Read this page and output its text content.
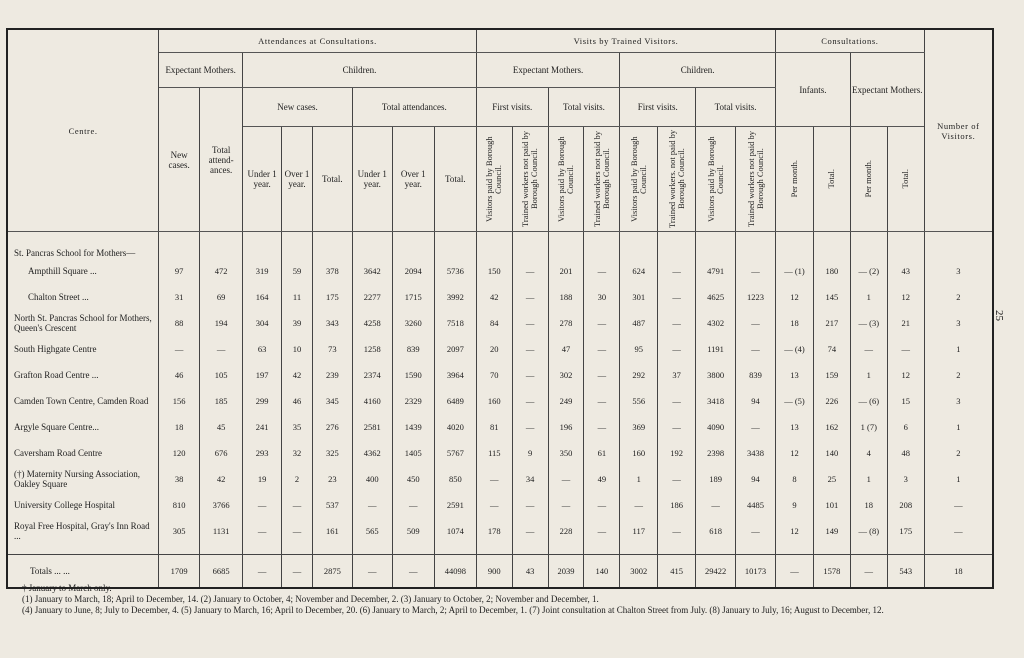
Centre.	Attendances at Consultations.								Visits by Trained Visitors.								Consultations.				Number of Visitors.
	Expectant Mothers.		Children.						Expectant Mothers.				Children.				Infants.		Expectant Mothers.		
	New cases.	Total attend-ances.	New cases.			Total attendances.			First visits.		Total visits.		First visits.		Total visits.						
			Under 1 year.	Over 1 year.	Total.	Under 1 year.	Over 1 year.	Total.	Visitors paid by Borough Council.	Trained workers not paid by Borough Council.	Visitors paid by Borough Council.	Trained workers not paid by Borough Council.	Visitors paid by Borough Council.	Trained workers. not paid by Borough Council.	Visitors paid by Borough Council.	Trained workers not paid by Borough Council.	Per month.	Total.	Per month.	Total.	

St. Pancras School for Mothers—																					
Ampthill Square ...	97	472	319	59	378	3642	2094	5736	150	—	201	—	624	—	4791	—	— (1)	180	— (2)	43	3
Chalton Street ...	31	69	164	11	175	2277	1715	3992	42	—	188	30	301	—	4625	1223	12	145	1	12	2
North St. Pancras School for Mothers, Queen's Crescent	88	194	304	39	343	4258	3260	7518	84	—	278	—	487	—	4302	—	18	217	— (3)	21	3
South Highgate Centre	—	—	63	10	73	1258	839	2097	20	—	47	—	95	—	1191	—	— (4)	74	—	—	1
Grafton Road Centre ...	46	105	197	42	239	2374	1590	3964	70	—	302	—	292	37	3800	839	13	159	1	12	2
Camden Town Centre, Camden Road	156	185	299	46	345	4160	2329	6489	160	—	249	—	556	—	3418	94	— (5)	226	— (6)	15	3
Argyle Square Centre...	18	45	241	35	276	2581	1439	4020	81	—	196	—	369	—	4090	—	13	162	1 (7)	6	1
Caversham Road Centre	120	676	293	32	325	4362	1405	5767	115	9	350	61	160	192	2398	3438	12	140	4	48	2
(†) Maternity Nursing Association, Oakley Square	38	42	19	2	23	400	450	850	—	34	—	49	1	—	189	94	8	25	1	3	1
University College Hospital	810	3766	—	—	537	—	—	2591	—	—	—	—	—	186	—	4485	9	101	18	208	—
Royal Free Hospital, Gray's Inn Road ...	305	1131	—	—	161	565	509	1074	178	—	228	—	117	—	618	—	12	149	— (8)	175	—

Totals ... ...	1709	6685	—	—	2875	—	—	44098	900	43	2039	140	3002	415	29422	10173	—	1578	—	543	18
25

† January to March only.

(1) January to March, 18; April to December, 14. (2) January to October, 4; November and December, 2. (3) January to October, 2; November and December, 1.

(4) January to June, 8; July to December, 4. (5) January to March, 16; April to December, 20. (6) January to March, 2; April to December, 1. (7) Joint consultation at Chalton Street from July. (8) January to July, 16; August to December, 12.
